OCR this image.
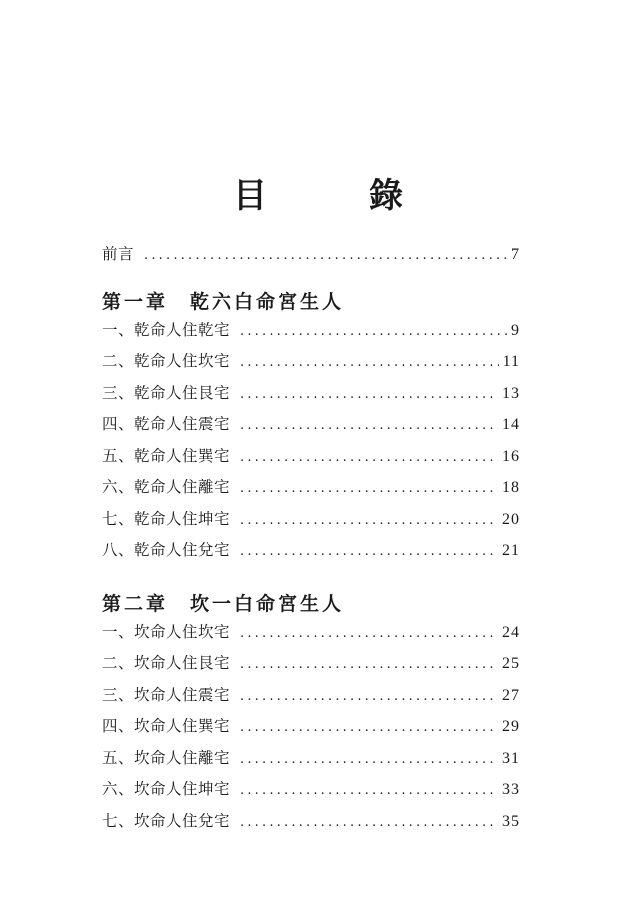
目　錄
前言 .....	7
第一章 乾六白命宮生人
一、乾命人住乾宅 .....	9
二、乾命人住坎宅 .....	11
三、乾命人住艮宅 .....	13
四、乾命人住震宅 .....	14
五、乾命人住巽宅 .....	16
六、乾命人住離宅 .....	18
七、乾命人住坤宅 .....	20
八、乾命人住兌宅 .....	21
第二章 坎一白命宮生人
一、坎命人住坎宅 .....	24
二、坎命人住艮宅 .....	25
三、坎命人住震宅 .....	27
四、坎命人住巽宅 .....	29
五、坎命人住離宅 .....	31
六、坎命人住坤宅 .....	33
七、坎命人住兌宅 .....	35
